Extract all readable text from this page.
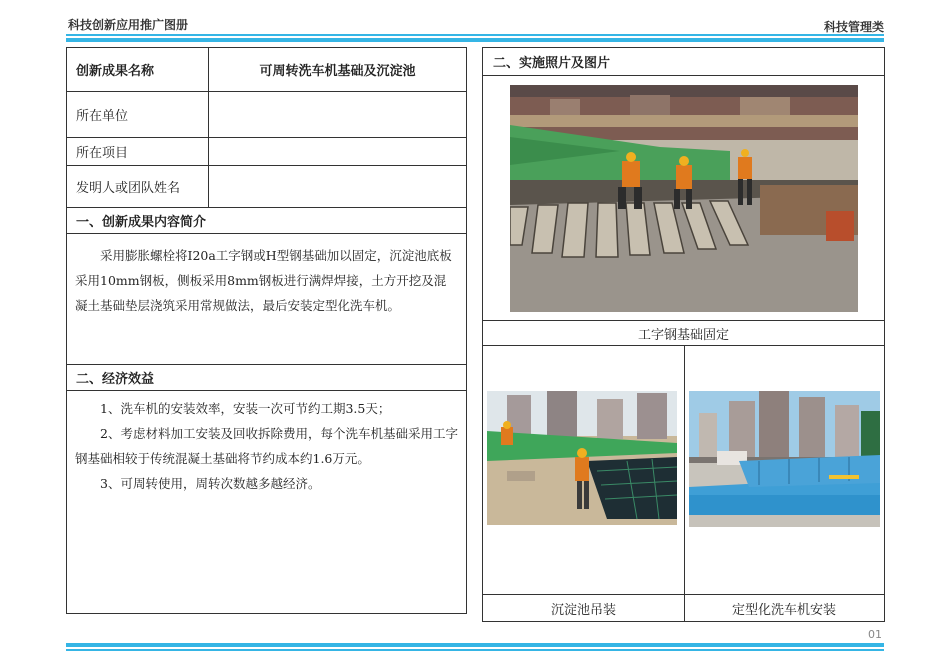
科技创新应用推广图册	科技管理类
创新成果名称	可周转洗车机基础及沉淀池
所在单位
所在项目
发明人或团队姓名
一、创新成果内容简介

采用膨胀螺栓将I20a工字钢或H型钢基础加以固定，沉淀池底板采用10mm钢板，侧板采用8mm钢板进行满焊焊接，土方开挖及混凝土基础垫层浇筑采用常规做法，最后安装定型化洗车机。

二、经济效益

1、洗车机的安装效率，安装一次可节约工期3.5天；

2、考虑材料加工安装及回收拆除费用，每个洗车机基础采用工字钢基础相较于传统混凝土基础将节约成本约1.6万元。

3、可周转使用，周转次数越多越经济。

二、实施照片及图片
工字钢基础固定
沉淀池吊装	定型化洗车机安装
01
